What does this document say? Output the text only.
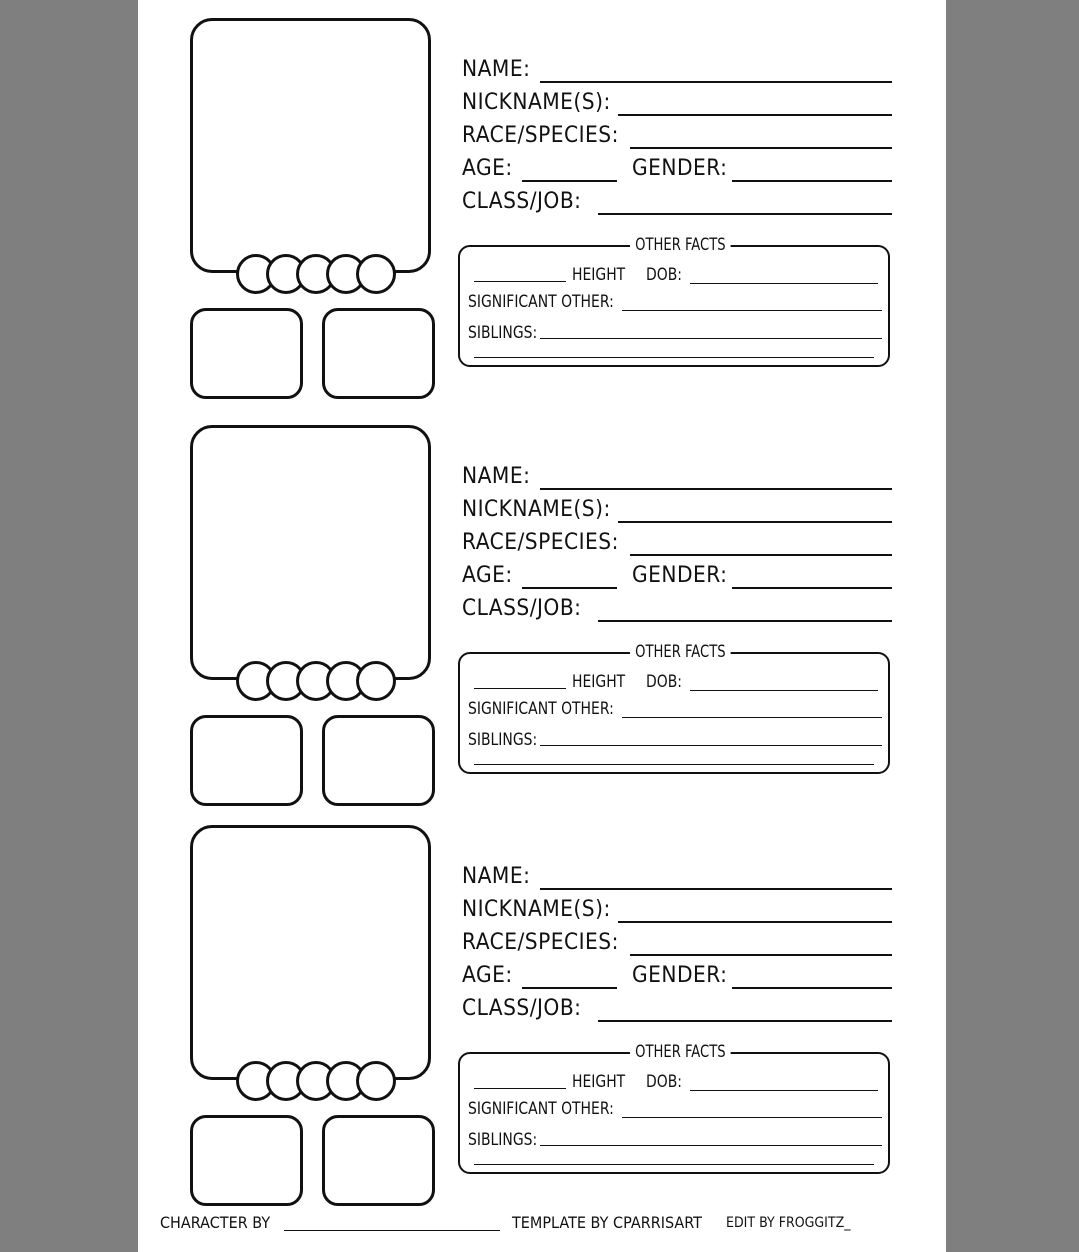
NAME:
NICKNAME(S):
RACE/SPECIES:
AGE:	GENDER:
CLASS/JOB:
OTHER FACTS
HEIGHT DOB:
SIGNIFICANT OTHER:
SIBLINGS:
NAME:
NICKNAME(S):
RACE/SPECIES:
AGE:	GENDER:
CLASS/JOB:
OTHER FACTS
HEIGHT DOB:
SIGNIFICANT OTHER:
SIBLINGS:
NAME:
NICKNAME(S):
RACE/SPECIES:
AGE:	GENDER:
CLASS/JOB:
OTHER FACTS
HEIGHT DOB:
SIGNIFICANT OTHER:
SIBLINGS:
CHARACTER BY	TEMPLATE BY CPARRISART EDIT BY FROGGITZ_
